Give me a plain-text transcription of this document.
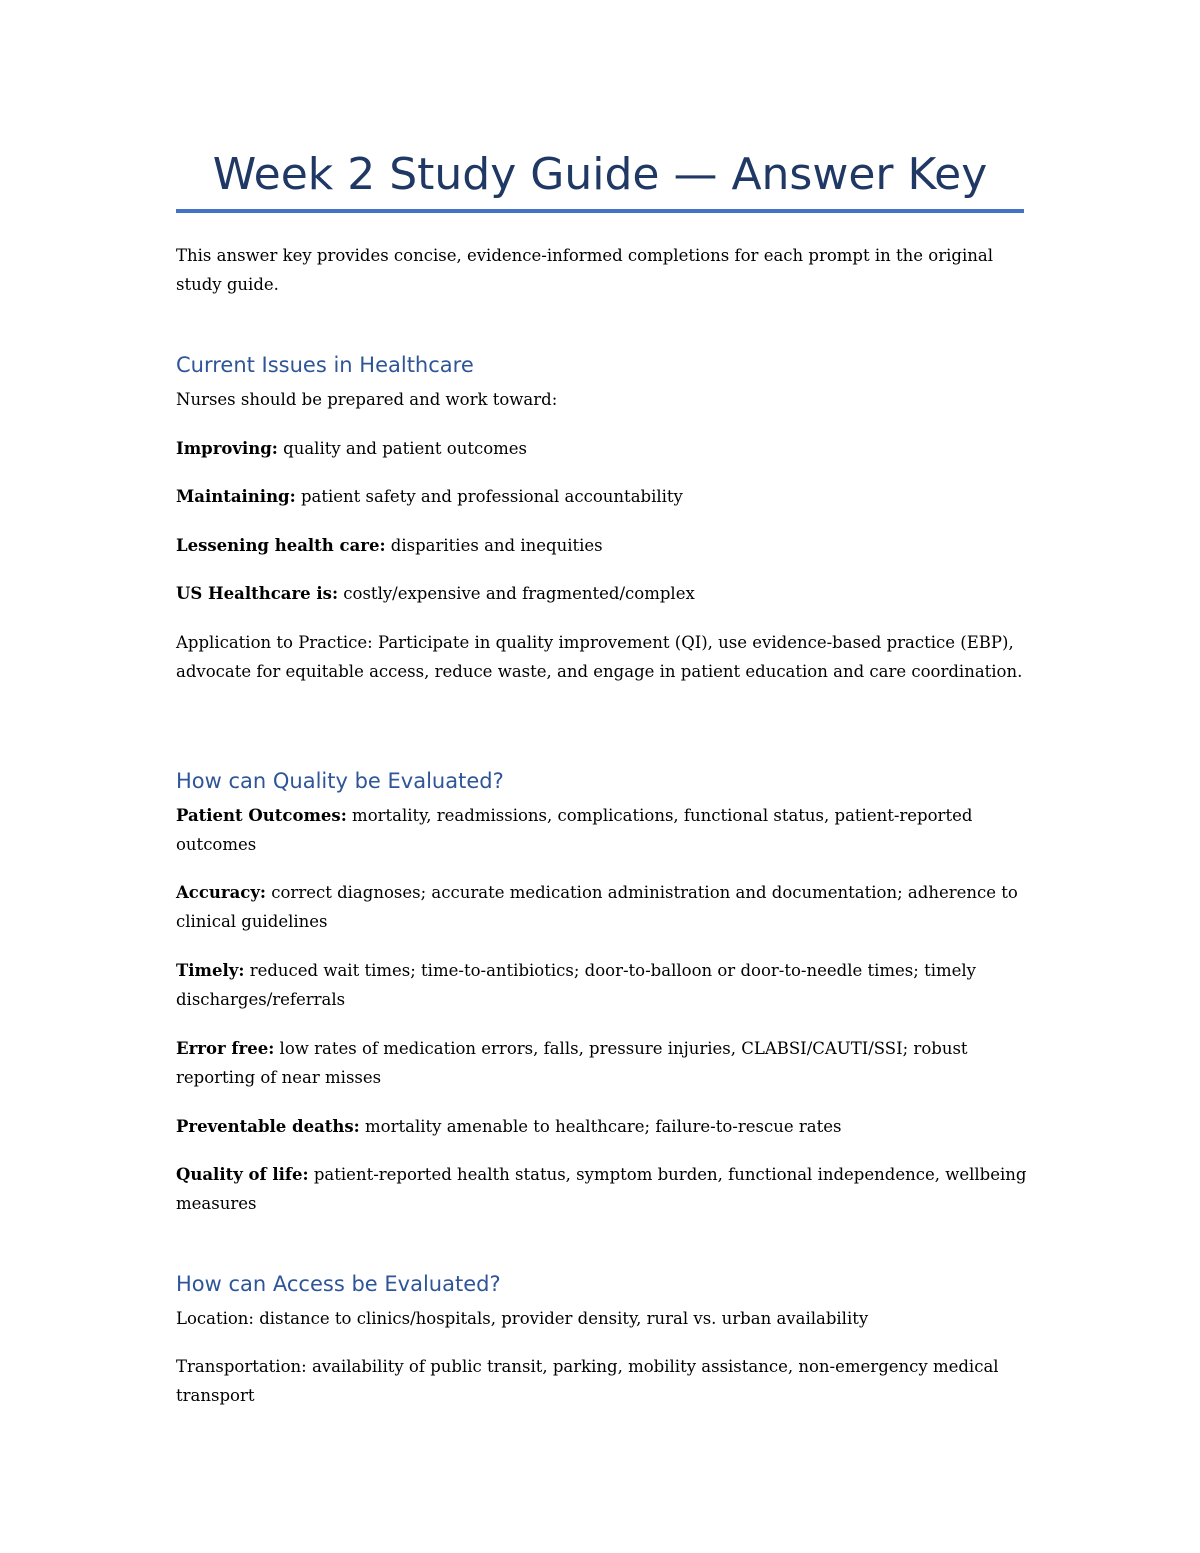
Week 2 Study Guide — Answer Key

This answer key provides concise, evidence-informed completions for each prompt in the original study guide.

Current Issues in Healthcare

Nurses should be prepared and work toward:

Improving: quality and patient outcomes

Maintaining: patient safety and professional accountability

Lessening health care: disparities and inequities

US Healthcare is: costly/expensive and fragmented/complex

Application to Practice: Participate in quality improvement (QI), use evidence-based practice (EBP), advocate for equitable access, reduce waste, and engage in patient education and care coordination.

How can Quality be Evaluated?

Patient Outcomes: mortality, readmissions, complications, functional status, patient-reported outcomes

Accuracy: correct diagnoses; accurate medication administration and documentation; adherence to clinical guidelines

Timely: reduced wait times; time-to-antibiotics; door-to-balloon or door-to-needle times; timely discharges/referrals

Error free: low rates of medication errors, falls, pressure injuries, CLABSI/CAUTI/SSI; robust reporting of near misses

Preventable deaths: mortality amenable to healthcare; failure-to-rescue rates

Quality of life: patient-reported health status, symptom burden, functional independence, wellbeing measures

How can Access be Evaluated?

Location: distance to clinics/hospitals, provider density, rural vs. urban availability

Transportation: availability of public transit, parking, mobility assistance, non-emergency medical transport
